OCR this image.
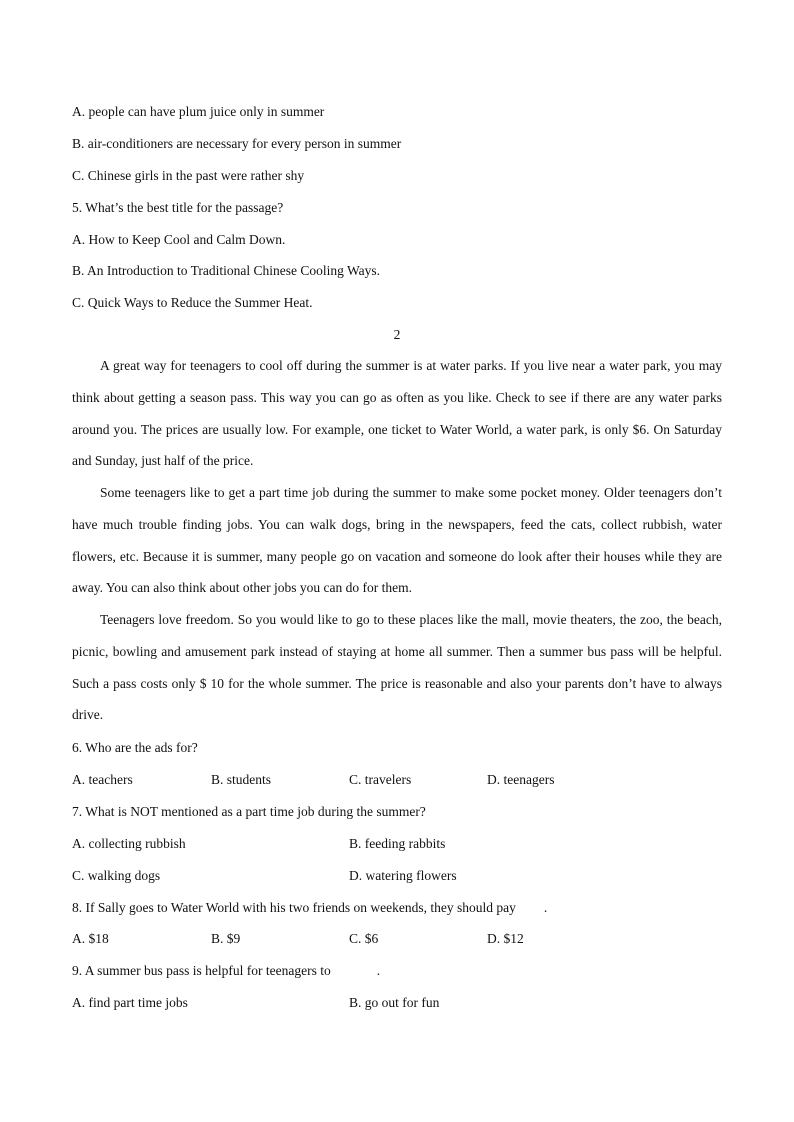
A. people can have plum juice only in summer
B. air-conditioners are necessary for every person in summer
C. Chinese girls in the past were rather shy
5. What’s the best title for the passage?
A. How to Keep Cool and Calm Down.
B. An Introduction to Traditional Chinese Cooling Ways.
C. Quick Ways to Reduce the Summer Heat.
2
A great way for teenagers to cool off during the summer is at water parks. If you live near a water park, you may think about getting a season pass. This way you can go as often as you like. Check to see if there are any water parks around you. The prices are usually low. For example, one ticket to Water World, a water park, is only $6. On Saturday and Sunday, just half of the price.
Some teenagers like to get a part time job during the summer to make some pocket money. Older teenagers don’t have much trouble finding jobs. You can walk dogs, bring in the newspapers, feed the cats, collect rubbish, water flowers, etc. Because it is summer, many people go on vacation and someone do look after their houses while they are away. You can also think about other jobs you can do for them.
Teenagers love freedom. So you would like to go to these places like the mall, movie theaters, the zoo, the beach, picnic, bowling and amusement park instead of staying at home all summer. Then a summer bus pass will be helpful. Such a pass costs only $ 10 for the whole summer. The price is reasonable and also your parents don’t have to always drive.
6. Who are the ads for?
A. teachers	B. students	C. travelers	D. teenagers
7. What is NOT mentioned as a part time job during the summer?
A. collecting rubbish	B. feeding rabbits
C. walking dogs	D. watering flowers
8. If Sally goes to Water World with his two friends on weekends, they should pay .
A. $18	B. $9	C. $6	D. $12
9. A summer bus pass is helpful for teenagers to	.
A. find part time jobs	B. go out for fun
